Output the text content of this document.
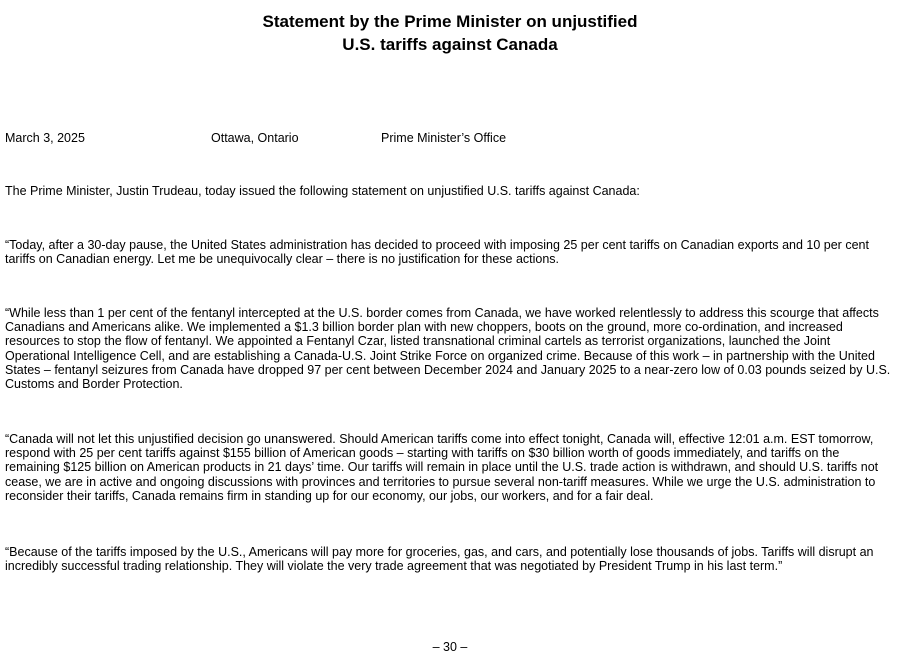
Statement by the Prime Minister on unjustified
U.S. tariffs against Canada
March 3, 2025	Ottawa, Ontario	Prime Minister’s Office

The Prime Minister, Justin Trudeau, today issued the following statement on unjustified U.S. tariffs against Canada:

“Today, after a 30-day pause, the United States administration has decided to proceed with imposing 25 per cent tariffs on Canadian exports and 10 per cent tariffs on Canadian energy. Let me be unequivocally clear – there is no justification for these actions.

“While less than 1 per cent of the fentanyl intercepted at the U.S. border comes from Canada, we have worked relentlessly to address this scourge that affects Canadians and Americans alike. We implemented a $1.3 billion border plan with new choppers, boots on the ground, more co-ordination, and increased resources to stop the flow of fentanyl. We appointed a Fentanyl Czar, listed transnational criminal cartels as terrorist organizations, launched the Joint Operational Intelligence Cell, and are establishing a Canada-U.S. Joint Strike Force on organized crime. Because of this work – in partnership with the United States – fentanyl seizures from Canada have dropped 97 per cent between December 2024 and January 2025 to a near-zero low of 0.03 pounds seized by U.S. Customs and Border Protection.

“Canada will not let this unjustified decision go unanswered. Should American tariffs come into effect tonight, Canada will, effective 12:01 a.m. EST tomorrow, respond with 25 per cent tariffs against $155 billion of American goods – starting with tariffs on $30 billion worth of goods immediately, and tariffs on the remaining $125 billion on American products in 21 days’ time. Our tariffs will remain in place until the U.S. trade action is withdrawn, and should U.S. tariffs not cease, we are in active and ongoing discussions with provinces and territories to pursue several non-tariff measures. While we urge the U.S. administration to reconsider their tariffs, Canada remains firm in standing up for our economy, our jobs, our workers, and for a fair deal.

“Because of the tariffs imposed by the U.S., Americans will pay more for groceries, gas, and cars, and potentially lose thousands of jobs. Tariffs will disrupt an incredibly successful trading relationship. They will violate the very trade agreement that was negotiated by President Trump in his last term.”

– 30 –
